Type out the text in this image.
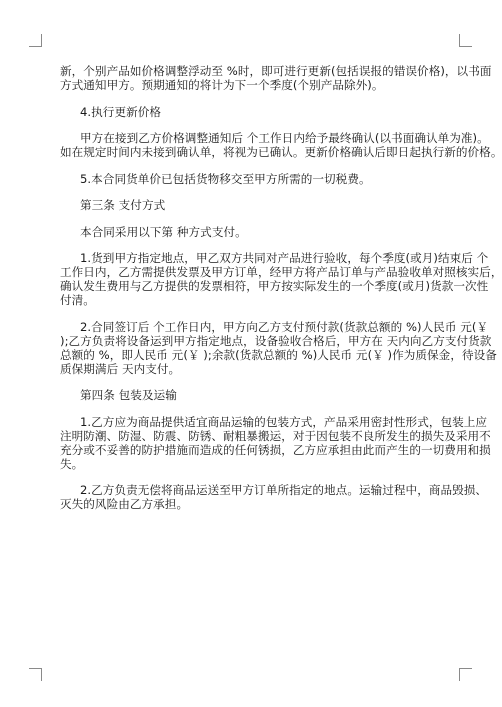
新，个别产品如价格调整浮动至 %时，即可进行更新(包括误报的错误价格)，以书面
方式通知甲方。预期通知的将计为下一个季度(个别产品除外)。
4.执行更新价格
甲方在接到乙方价格调整通知后 个工作日内给予最终确认(以书面确认单为准)。
如在规定时间内未接到确认单，将视为已确认。更新价格确认后即日起执行新的价格。
5.本合同货单价已包括货物移交至甲方所需的一切税费。
第三条 支付方式
本合同采用以下第 种方式支付。
1.货到甲方指定地点，甲乙双方共同对产品进行验收，每个季度(或月)结束后 个
工作日内，乙方需提供发票及甲方订单，经甲方将产品订单与产品验收单对照核实后，
确认发生费用与乙方提供的发票相符，甲方按实际发生的一个季度(或月)货款一次性
付清。
2.合同签订后 个工作日内，甲方向乙方支付预付款(货款总额的 %)人民币 元(￥
);乙方负责将设备运到甲方指定地点，设备验收合格后，甲方在 天内向乙方支付货款
总额的 %，即人民币 元(￥ );余款(货款总额的 %)人民币 元(￥ )作为质保金，待设备
质保期满后 天内支付。
第四条 包装及运输
1.乙方应为商品提供适宜商品运输的包装方式，产品采用密封性形式，包装上应
注明防潮、防湿、防震、防锈、耐粗暴搬运，对于因包装不良所发生的损失及采用不
充分或不妥善的防护措施而造成的任何锈损，乙方应承担由此而产生的一切费用和损
失。
2.乙方负责无偿将商品运送至甲方订单所指定的地点。运输过程中，商品毁损、
灭失的风险由乙方承担。
